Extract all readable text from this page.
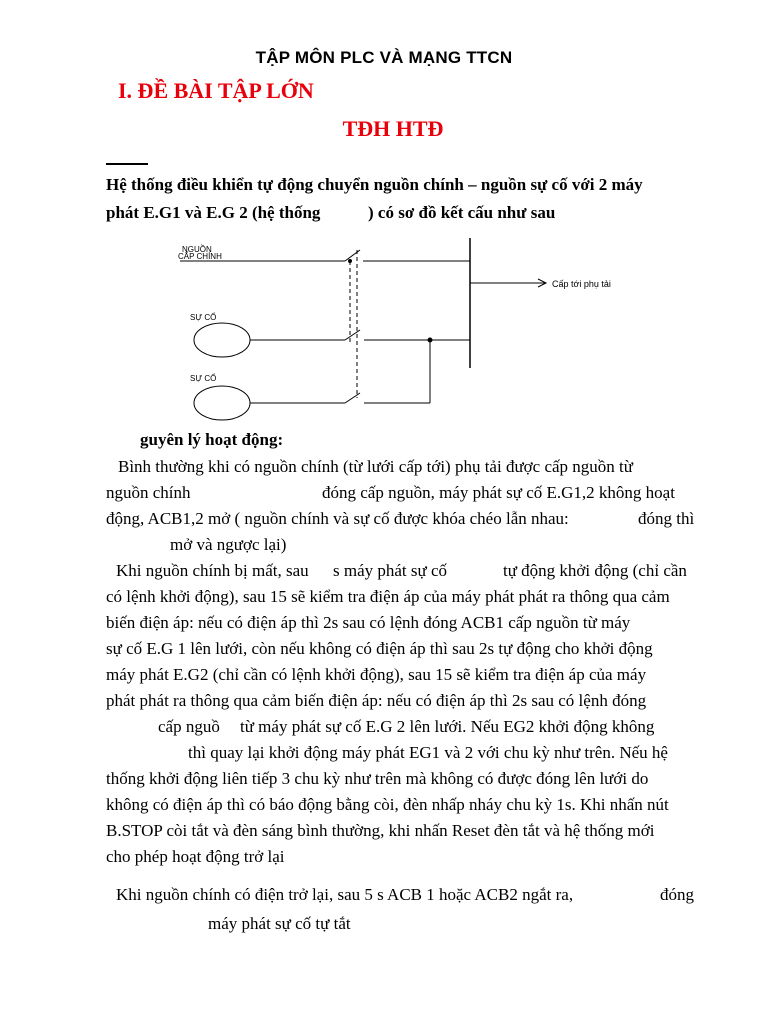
TẬP MÔN PLC VÀ MẠNG TTCN
I. ĐỀ BÀI TẬP LỚN
TĐH HTĐ
Hệ thống điều khiển tự động chuyển nguồn chính – nguồn sự cố với 2 máy
phát E.G1 và E.G 2 (hệ thống	) có sơ đồ kết cấu như sau
NGUỒN
CẤP CHÍNH
SỰ CỐ
SỰ CỐ
Cấp tới phụ tải
guyên lý hoạt động:
Bình thường khi có nguồn chính (từ lưới cấp tới) phụ tải được cấp nguồn từ
nguồn chính	đóng cấp nguồn, máy phát sự cố E.G1,2 không hoạt
động, ACB1,2 mở ( nguồn chính và sự cố được khóa chéo lẫn nhau:	đóng thì
mở và ngược lại)
Khi nguồn chính bị mất, sau s máy phát sự cố	tự động khởi động (chỉ cần
có lệnh khởi động), sau 15 sẽ kiểm tra điện áp của máy phát phát ra thông qua cảm
biến điện áp: nếu có điện áp thì 2s sau có lệnh đóng ACB1 cấp nguồn từ máy
sự cố E.G 1 lên lưới, còn nếu không có điện áp thì sau 2s tự động cho khởi động
máy phát E.G2 (chỉ cần có lệnh khởi động), sau 15 sẽ kiểm tra điện áp của máy
phát phát ra thông qua cảm biến điện áp: nếu có điện áp thì 2s sau có lệnh đóng
cấp nguồ từ máy phát sự cố E.G 2 lên lưới. Nếu EG2 khởi động không
thì quay lại khởi động máy phát EG1 và 2 với chu kỳ như trên. Nếu hệ
thống khởi động liên tiếp 3 chu kỳ như trên mà không có được đóng lên lưới do
không có điện áp thì có báo động bằng còi, đèn nhấp nháy chu kỳ 1s. Khi nhấn nút
B.STOP còi tắt và đèn sáng bình thường, khi nhấn Reset đèn tắt và hệ thống mới
cho phép hoạt động trở lại
Khi nguồn chính có điện trở lại, sau 5 s ACB 1 hoặc ACB2 ngắt ra,	đóng
máy phát sự cố tự tắt
